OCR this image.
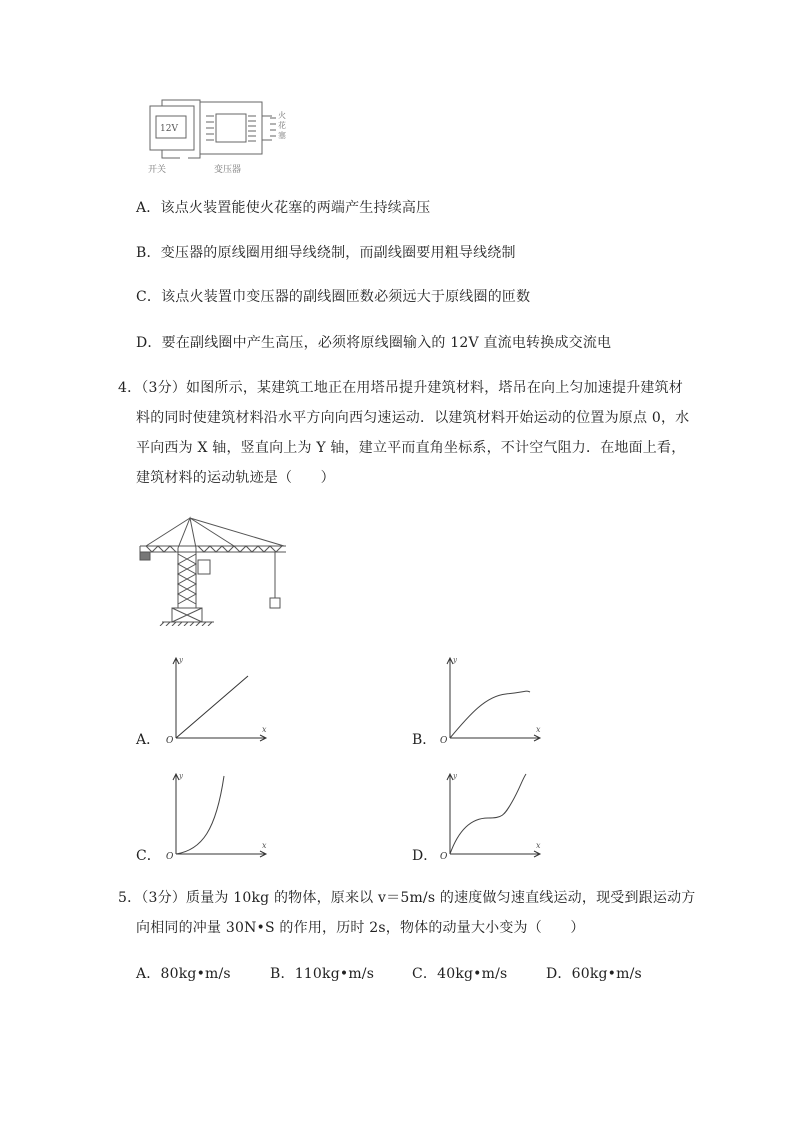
12V
开关	变压器
火
花
塞
A．该点火装置能使火花塞的两端产生持续高压
B．变压器的原线圈用细导线绕制，而副线圈要用粗导线绕制
C．该点火装置巾变压器的副线圈匝数必须远大于原线圈的匝数
D．要在副线圈中产生高压，必须将原线圈输入的 12V 直流电转换成交流电
4．（3分）如图所示，某建筑工地正在用塔吊提升建筑材料，塔吊在向上匀加速提升建筑材
料的同时使建筑材料沿水平方向向西匀速运动．以建筑材料开始运动的位置为原点 0，水
平向西为 X 轴，竖直向上为 Y 轴，建立平而直角坐标系，不计空气阻力．在地面上看，
建筑材料的运动轨迹是（　　）
A．
y
x
O	B．
y
x
O
C．
y
x
O	D．
y
x
O
5．（3分）质量为 10kg 的物体，原来以 v＝5m/s 的速度做匀速直线运动，现受到跟运动方
向相同的冲量 30N•S 的作用，历时 2s，物体的动量大小变为（　　）
A．80kg•m/s	B．110kg•m/s	C．40kg•m/s	D．60kg•m/s
